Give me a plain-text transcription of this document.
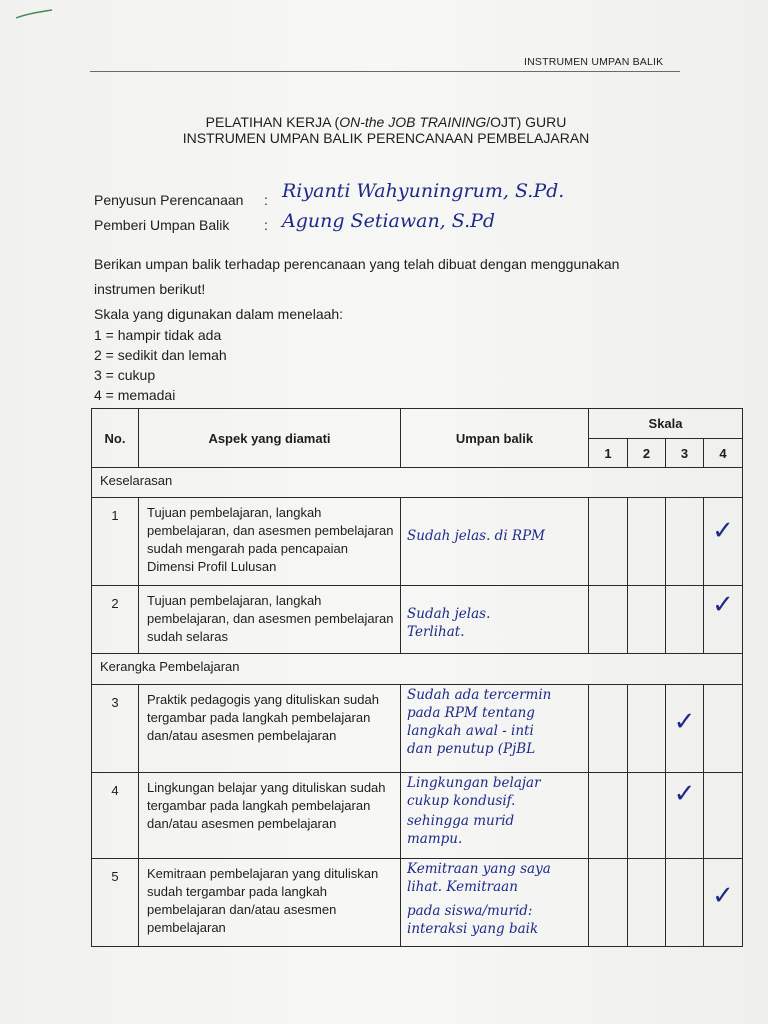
INSTRUMEN UMPAN BALIK
PELATIHAN KERJA (ON-the JOB TRAINING/OJT) GURU
INSTRUMEN UMPAN BALIK PERENCANAAN PEMBELAJARAN
Penyusun Perencanaan : Riyanti Wahyuningrum, S.Pd.
Pemberi Umpan Balik : Agung Setiawan, S.Pd
Berikan umpan balik terhadap perencanaan yang telah dibuat dengan menggunakan
instrumen berikut!
Skala yang digunakan dalam menelaah:
1 = hampir tidak ada
2 = sedikit dan lemah
3 = cukup
4 = memadai
No.	Aspek yang diamati	Umpan balik	Skala			
			1	2	3	4
Keselarasan						
1	Tujuan pembelajaran, langkah pembelajaran, dan asesmen pembelajaran sudah mengarah pada pencapaian Dimensi Profil Lulusan	Sudah jelas. di RPM				✓
2	Tujuan pembelajaran, langkah pembelajaran, dan asesmen pembelajaran sudah selaras	Sudah jelas.
Terlihat.				✓
Kerangka Pembelajaran						
3	Praktik pedagogis yang dituliskan sudah tergambar pada langkah pembelajaran dan/atau asesmen pembelajaran	Sudah ada tercermin
pada RPM tentang
langkah awal - inti
dan penutup (PjBL			✓	
4	Lingkungan belajar yang dituliskan sudah tergambar pada langkah pembelajaran dan/atau asesmen pembelajaran	Lingkungan belajar
cukup kondusif.
sehingga murid
mampu.			✓	
5	Kemitraan pembelajaran yang dituliskan sudah tergambar pada langkah pembelajaran dan/atau asesmen pembelajaran	Kemitraan yang saya
lihat. Kemitraan
pada siswa/murid:
interaksi yang baik				✓
